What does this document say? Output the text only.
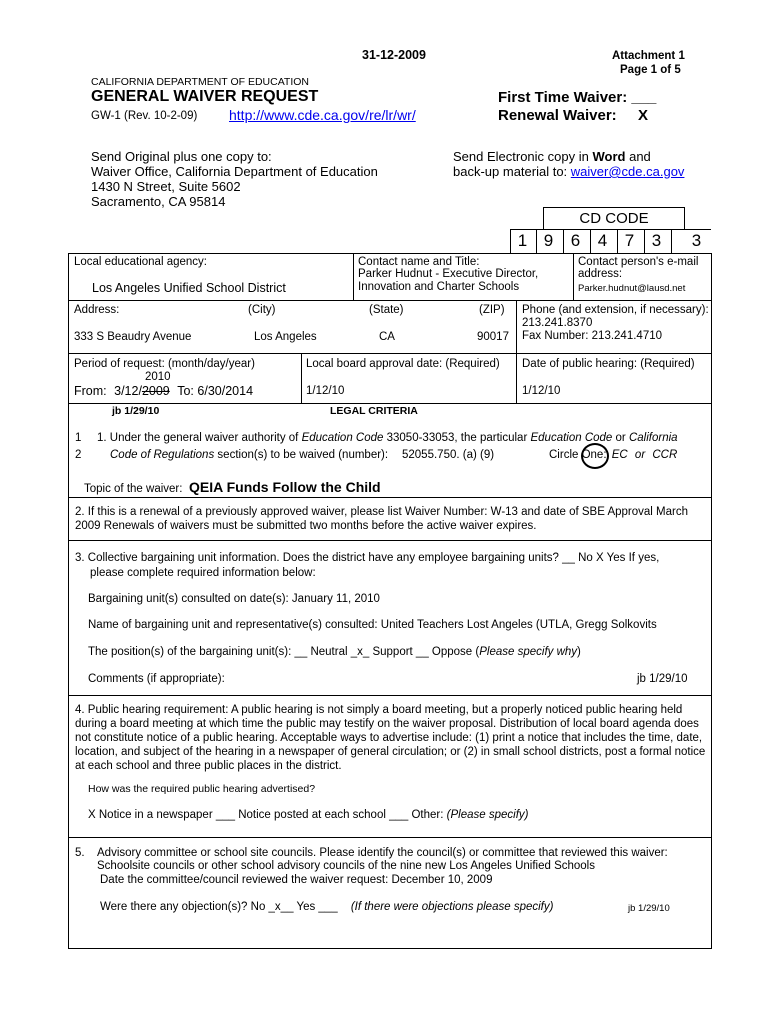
31-12-2009	Attachment 1
Page 1 of 5
CALIFORNIA DEPARTMENT OF EDUCATION
GENERAL WAIVER REQUEST
GW-1 (Rev. 10-2-09) http://www.cde.ca.gov/re/lr/wr/
First Time Waiver: ___
Renewal Waiver: X
Send Original plus one copy to:
Waiver Office, California Department of Education
1430 N Street, Suite 5602
Sacramento, CA 95814
Send Electronic copy in Word and
back-up material to: waiver@cde.ca.gov
CD CODE
1 9	6	4	7	3	3
Local educational agency:
Los Angeles Unified School District
Contact name and Title:
Parker Hudnut - Executive Director,
Innovation and Charter Schools
Contact person's e-mail
address:
Parker.hudnut@lausd.net
Address:	(City)	(State)	(ZIP)
333 S Beaudry Avenue	Los Angeles	CA	90017
Phone (and extension, if necessary):
213.241.8370
Fax Number: 213.241.4710
Period of request: (month/day/year)
2010
From: 3/12/2009 To: 6/30/2014
Local board approval date: (Required)
1/12/10
Date of public hearing: (Required)
1/12/10
jb 1/29/10	LEGAL CRITERIA
1
2
1. Under the general waiver authority of Education Code 33050-33053, the particular Education Code or California
Code of Regulations section(s) to be waived (number): 52055.750. (a) (9)	Circle One: EC or CCR
Topic of the waiver: QEIA Funds Follow the Child
2. If this is a renewal of a previously approved waiver, please list Waiver Number: W-13 and date of SBE Approval March
2009 Renewals of waivers must be submitted two months before the active waiver expires.
3. Collective bargaining unit information. Does the district have any employee bargaining units? __ No X Yes If yes,
please complete required information below:
Bargaining unit(s) consulted on date(s): January 11, 2010
Name of bargaining unit and representative(s) consulted: United Teachers Lost Angeles (UTLA, Gregg Solkovits
The position(s) of the bargaining unit(s): __ Neutral _x_ Support __ Oppose (Please specify why)
Comments (if appropriate):	jb 1/29/10
4. Public hearing requirement: A public hearing is not simply a board meeting, but a properly noticed public hearing held during a board meeting at which time the public may testify on the waiver proposal. Distribution of local board agenda does not constitute notice of a public hearing. Acceptable ways to advertise include: (1) print a notice that includes the time, date, location, and subject of the hearing in a newspaper of general circulation; or (2) in small school districts, post a formal notice at each school and three public places in the district.
How was the required public hearing advertised?
X Notice in a newspaper ___ Notice posted at each school ___ Other: (Please specify)
5. Advisory committee or school site councils. Please identify the council(s) or committee that reviewed this waiver:
Schoolsite councils or other school advisory councils of the nine new Los Angeles Unified Schools
Date the committee/council reviewed the waiver request: December 10, 2009
Were there any objection(s)? No _x__ Yes ___ (If there were objections please specify)	jb 1/29/10
